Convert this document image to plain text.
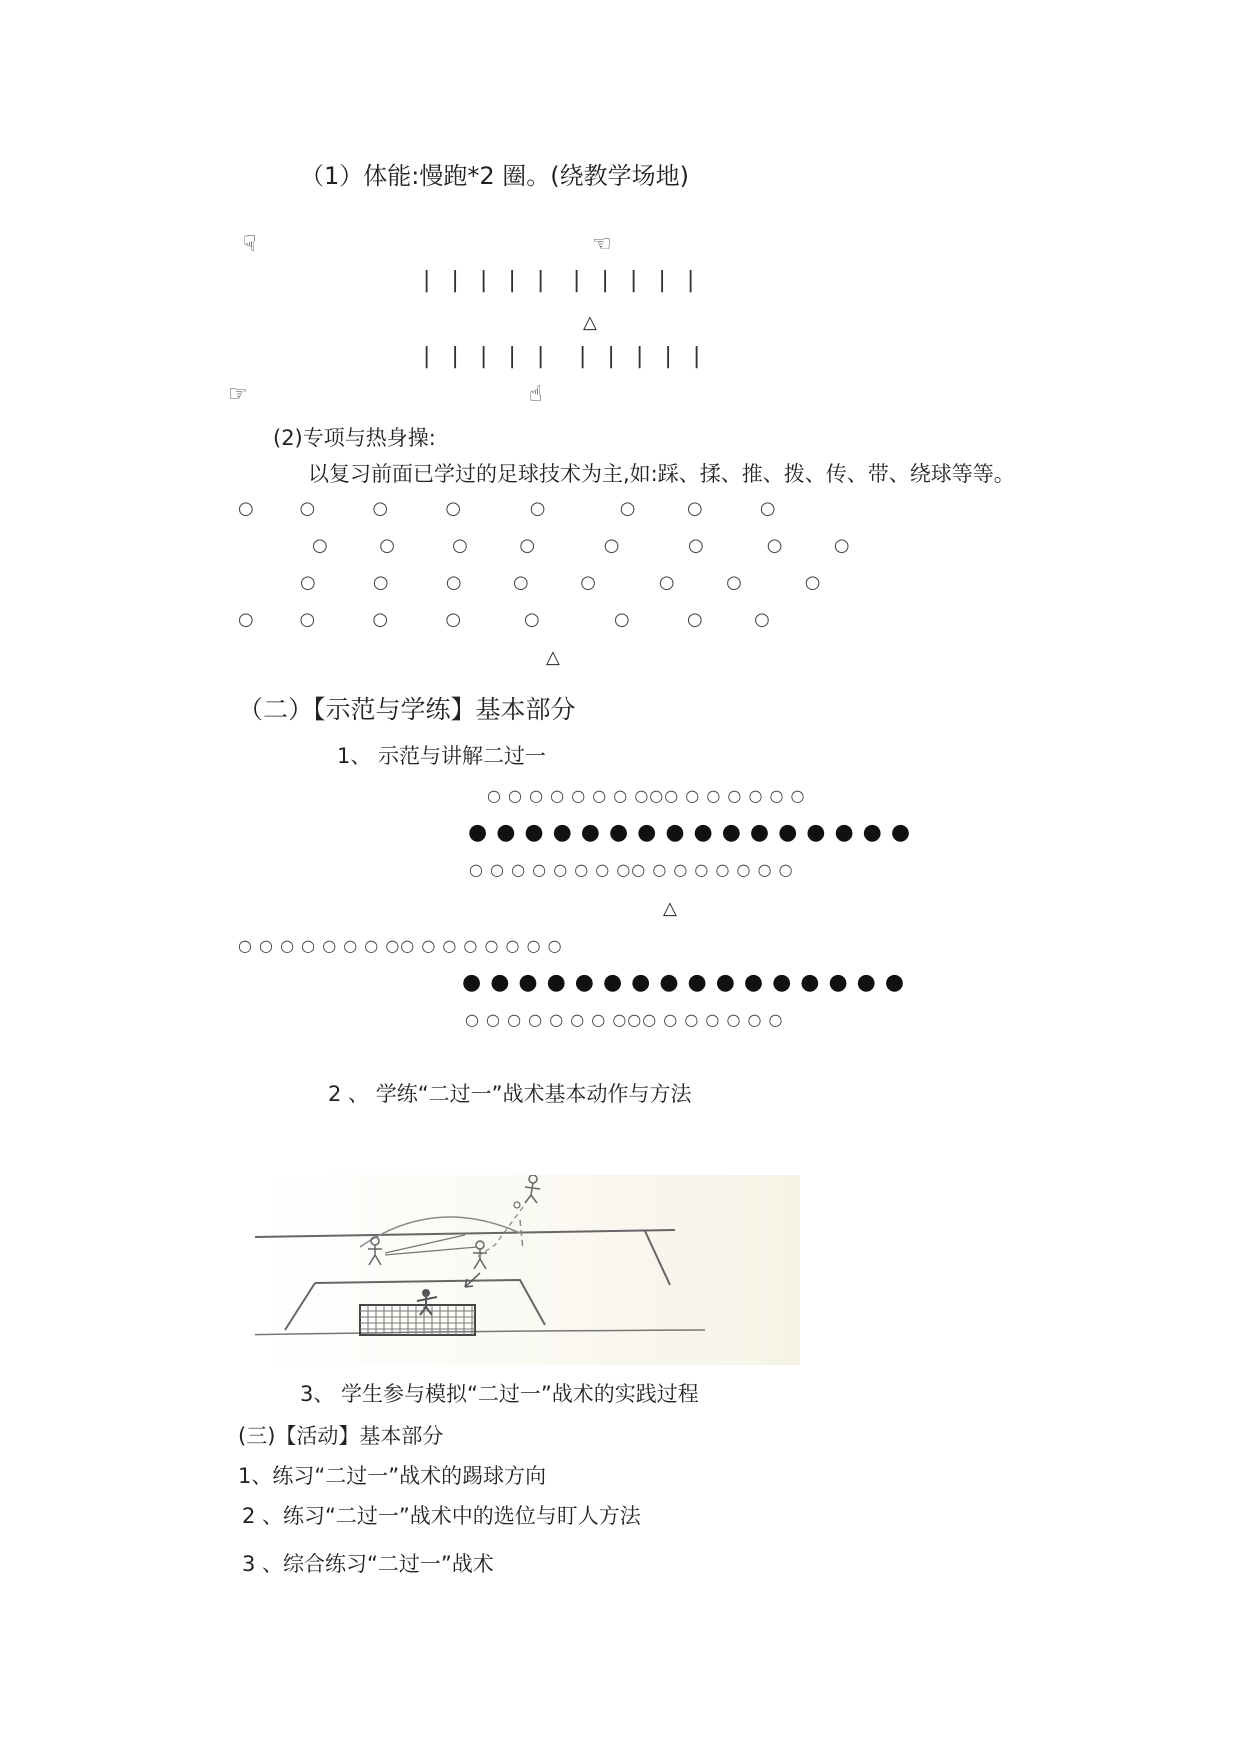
（1）体能:慢跑*2 圈。(绕教学场地)
☟	☜
| | | | | | | | | |
△
| | | | | | | | | |
☞	☝
(2)专项与热身操:
以复习前面已学过的足球技术为主,如:踩、揉、推、拨、传、带、绕球等等。
○        ○          ○          ○            ○             ○         ○          ○
○         ○          ○         ○            ○            ○           ○         ○
○          ○          ○         ○         ○           ○         ○           ○
○        ○          ○          ○           ○             ○          ○         ○
△
（二）【示范与学练】基本部分
1、 示范与讲解二过一
○ ○ ○ ○ ○ ○ ○ ○○○ ○ ○ ○ ○ ○ ○
● ● ● ● ● ● ● ● ● ● ● ● ● ● ● ●
○ ○ ○ ○ ○ ○ ○ ○○ ○ ○ ○ ○ ○ ○ ○
△
○ ○ ○ ○ ○ ○ ○ ○○ ○ ○ ○ ○ ○ ○ ○
● ● ● ● ● ● ● ● ● ● ● ● ● ● ● ●
○ ○ ○ ○ ○ ○ ○ ○○○ ○ ○ ○ ○ ○ ○
2 、 学练“二过一”战术基本动作与方法
3、 学生参与模拟“二过一”战术的实践过程
(三)【活动】基本部分
1、练习“二过一”战术的踢球方向
2 、练习“二过一”战术中的选位与盯人方法
3 、综合练习“二过一”战术
